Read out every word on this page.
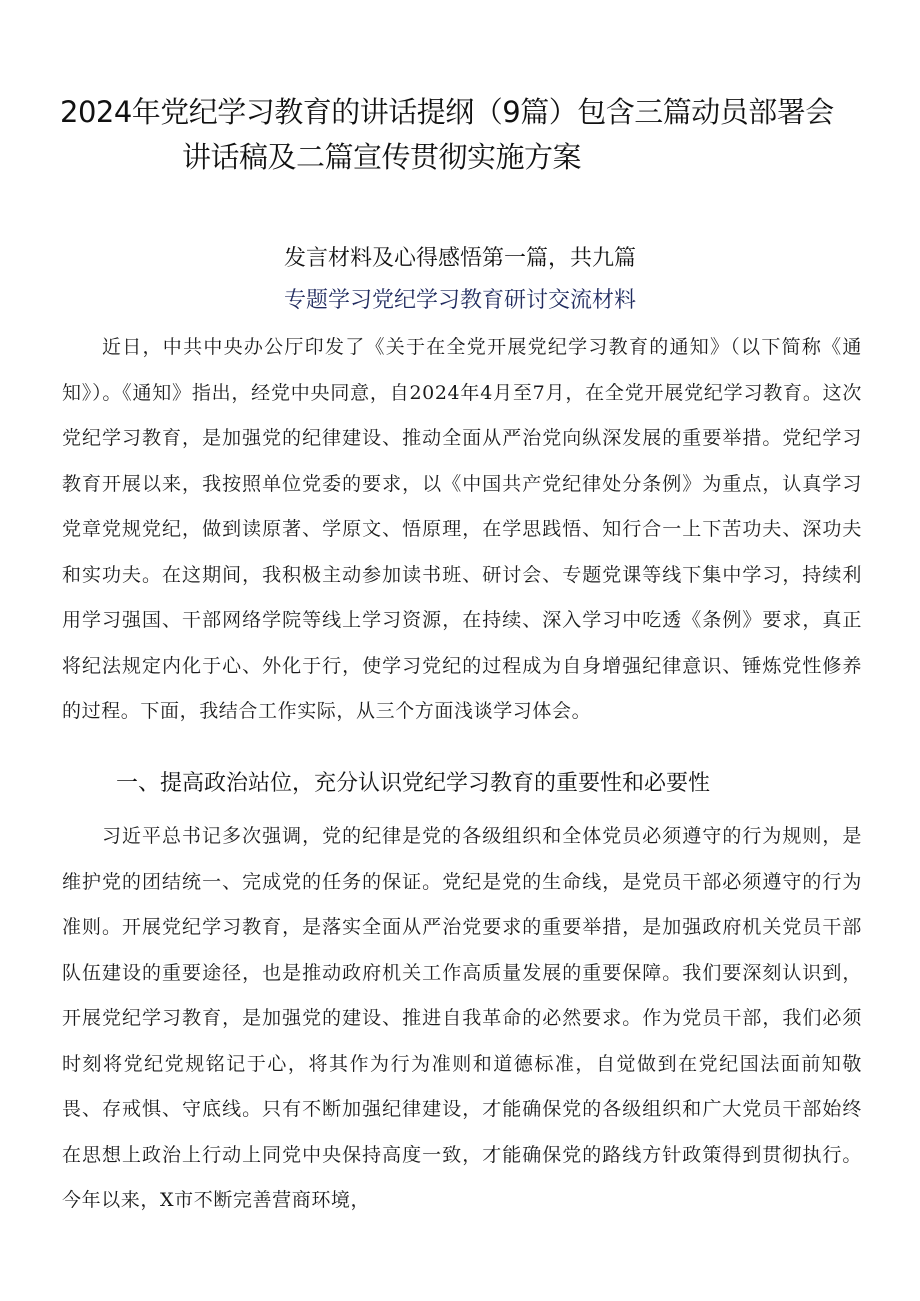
2024年党纪学习教育的讲话提纲（9篇）包含三篇动员部署会
讲话稿及二篇宣传贯彻实施方案
发言材料及心得感悟第一篇，共九篇
专题学习党纪学习教育研讨交流材料

近日，中共中央办公厅印发了《关于在全党开展党纪学习教育的通知》（以下简称《通知》）。《通知》指出，经党中央同意，自2024年4月至7月，在全党开展党纪学习教育。这次党纪学习教育，是加强党的纪律建设、推动全面从严治党向纵深发展的重要举措。党纪学习教育开展以来，我按照单位党委的要求，以《中国共产党纪律处分条例》为重点，认真学习党章党规党纪，做到读原著、学原文、悟原理，在学思践悟、知行合一上下苦功夫、深功夫和实功夫。在这期间，我积极主动参加读书班、研讨会、专题党课等线下集中学习，持续利用学习强国、干部网络学院等线上学习资源，在持续、深入学习中吃透《条例》要求，真正将纪法规定内化于心、外化于行，使学习党纪的过程成为自身增强纪律意识、锤炼党性修养的过程。下面，我结合工作实际，从三个方面浅谈学习体会。

一、提高政治站位，充分认识党纪学习教育的重要性和必要性

习近平总书记多次强调，党的纪律是党的各级组织和全体党员必须遵守的行为规则，是维护党的团结统一、完成党的任务的保证。党纪是党的生命线，是党员干部必须遵守的行为准则。开展党纪学习教育，是落实全面从严治党要求的重要举措，是加强政府机关党员干部队伍建设的重要途径，也是推动政府机关工作高质量发展的重要保障。我们要深刻认识到，开展党纪学习教育，是加强党的建设、推进自我革命的必然要求。作为党员干部，我们必须时刻将党纪党规铭记于心，将其作为行为准则和道德标准，自觉做到在党纪国法面前知敬畏、存戒惧、守底线。只有不断加强纪律建设，才能确保党的各级组织和广大党员干部始终在思想上政治上行动上同党中央保持高度一致，才能确保党的路线方针政策得到贯彻执行。今年以来，X市不断完善营商环境，
